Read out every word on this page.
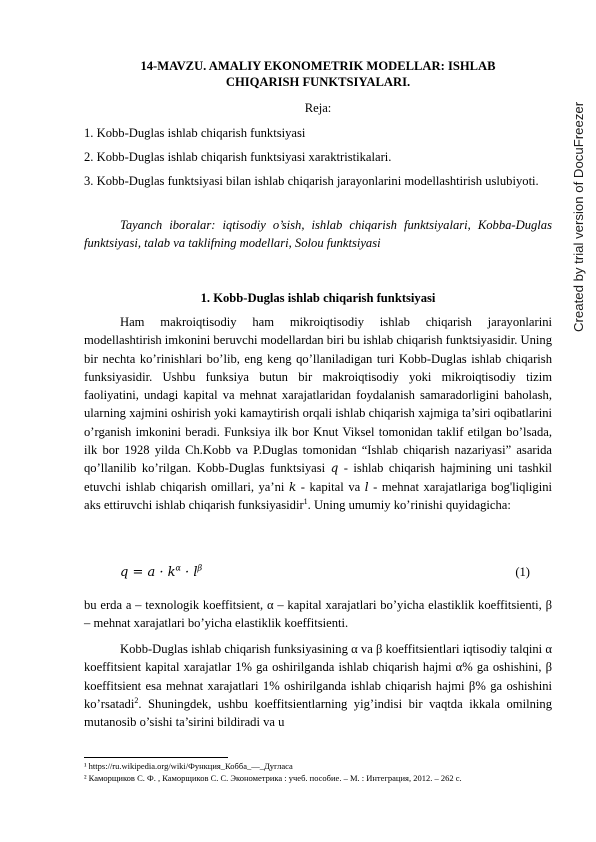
14-MAVZU. AMALIY EKONOMETRIK MODELLAR: ISHLAB
CHIQARISH FUNKTSIYALARI.
Reja:
1. Kobb-Duglas ishlab chiqarish funktsiyasi
2. Kobb-Duglas ishlab chiqarish funktsiyasi xaraktristikalari.
3. Kobb-Duglas funktsiyasi bilan ishlab chiqarish jarayonlarini modellashtirish uslubiyoti.
Tayanch iboralar: iqtisodiy o’sish, ishlab chiqarish funktsiyalari, Kobba-Duglas funktsiyasi, talab va taklifning modellari, Solou funktsiyasi
1. Kobb-Duglas ishlab chiqarish funktsiyasi

Ham makroiqtisodiy ham mikroiqtisodiy ishlab chiqarish jarayonlarini modellashtirish imkonini beruvchi modellardan biri bu ishlab chiqarish funktsiyasidir. Uning bir nechta ko’rinishlari bo’lib, eng keng qo’llaniladigan turi Kobb-Duglas ishlab chiqarish funksiyasidir. Ushbu funksiya butun bir makroiqtisodiy yoki mikroiqtisodiy tizim faoliyatini, undagi kapital va mehnat xarajatlaridan foydalanish samaradorligini baholash, ularning xajmini oshirish yoki kamaytirish orqali ishlab chiqarish xajmiga ta’siri oqibatlarini o’rganish imkonini beradi. Funksiya ilk bor Knut Viksel tomonidan taklif etilgan bo’lsada, ilk bor 1928 yilda Ch.Kobb va P.Duglas tomonidan “Ishlab chiqarish nazariyasi” asarida qo’llanilib ko’rilgan. Kobb-Duglas funktsiyasi q - ishlab chiqarish hajmining uni tashkil etuvchi ishlab chiqarish omillari, ya’ni k - kapital va l - mehnat xarajatlariga bog'liqligini aks ettiruvchi ishlab chiqarish funksiyasidir$^1$. Uning umumiy ko’rinishi quyidagicha:

$q = a \cdot k^\alpha \cdot l^\beta$	(1)

bu erda a – texnologik koeffitsient, α – kapital xarajatlari bo’yicha elastiklik koeffitsienti, β – mehnat xarajatlari bo’yicha elastiklik koeffitsienti.

Kobb-Duglas ishlab chiqarish funksiyasining α va β koeffitsientlari iqtisodiy talqini α koeffitsient kapital xarajatlar 1% ga oshirilganda ishlab chiqarish hajmi α% ga oshishini, β koeffitsient esa mehnat xarajatlari 1% oshirilganda ishlab chiqarish hajmi β% ga oshishini ko’rsatadi$^2$. Shuningdek, ushbu koeffitsientlarning yig’indisi bir vaqtda ikkala omilning mutanosib o’sishi ta’sirini bildiradi va u

¹ https://ru.wikipedia.org/wiki/Функция_Кобба_—_Дугласа
² Каморщиков С. Ф. , Каморщиков С. С. Эконометрика : учеб. пособие. – М. : Интеграция, 2012. – 262 с.
Created by trial version of DocuFreezer
